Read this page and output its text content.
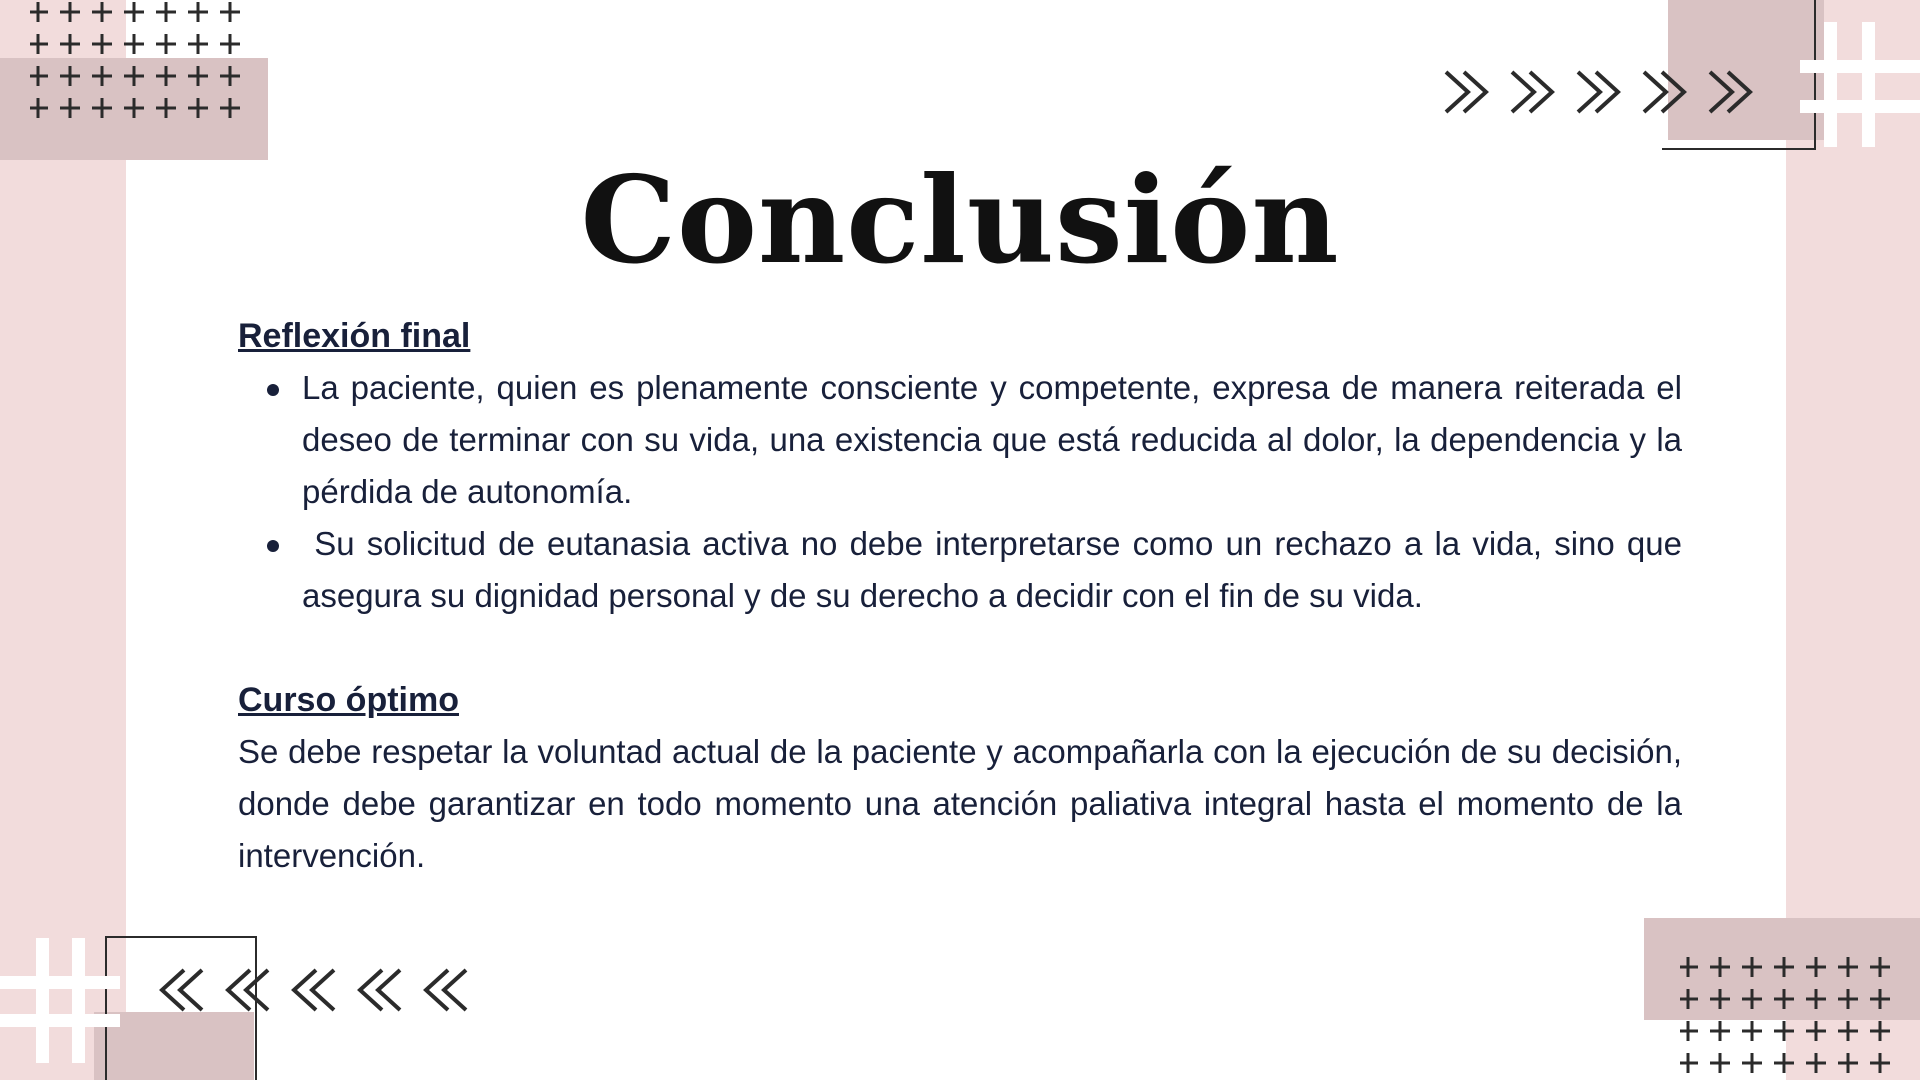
Conclusión

Reflexión final

La paciente, quien es plenamente consciente y competente, expresa de manera reiterada el deseo de terminar con su vida, una existencia que está reducida al dolor, la dependencia y la pérdida de autonomía.
Su solicitud de eutanasia activa no debe interpretarse como un rechazo a la vida, sino que asegura su dignidad personal y de su derecho a decidir con el fin de su vida.

Curso óptimo

Se debe respetar la voluntad actual de la paciente y acompañarla con la ejecución de su decisión, donde debe garantizar en todo momento una atención paliativa integral hasta el momento de la intervención.
